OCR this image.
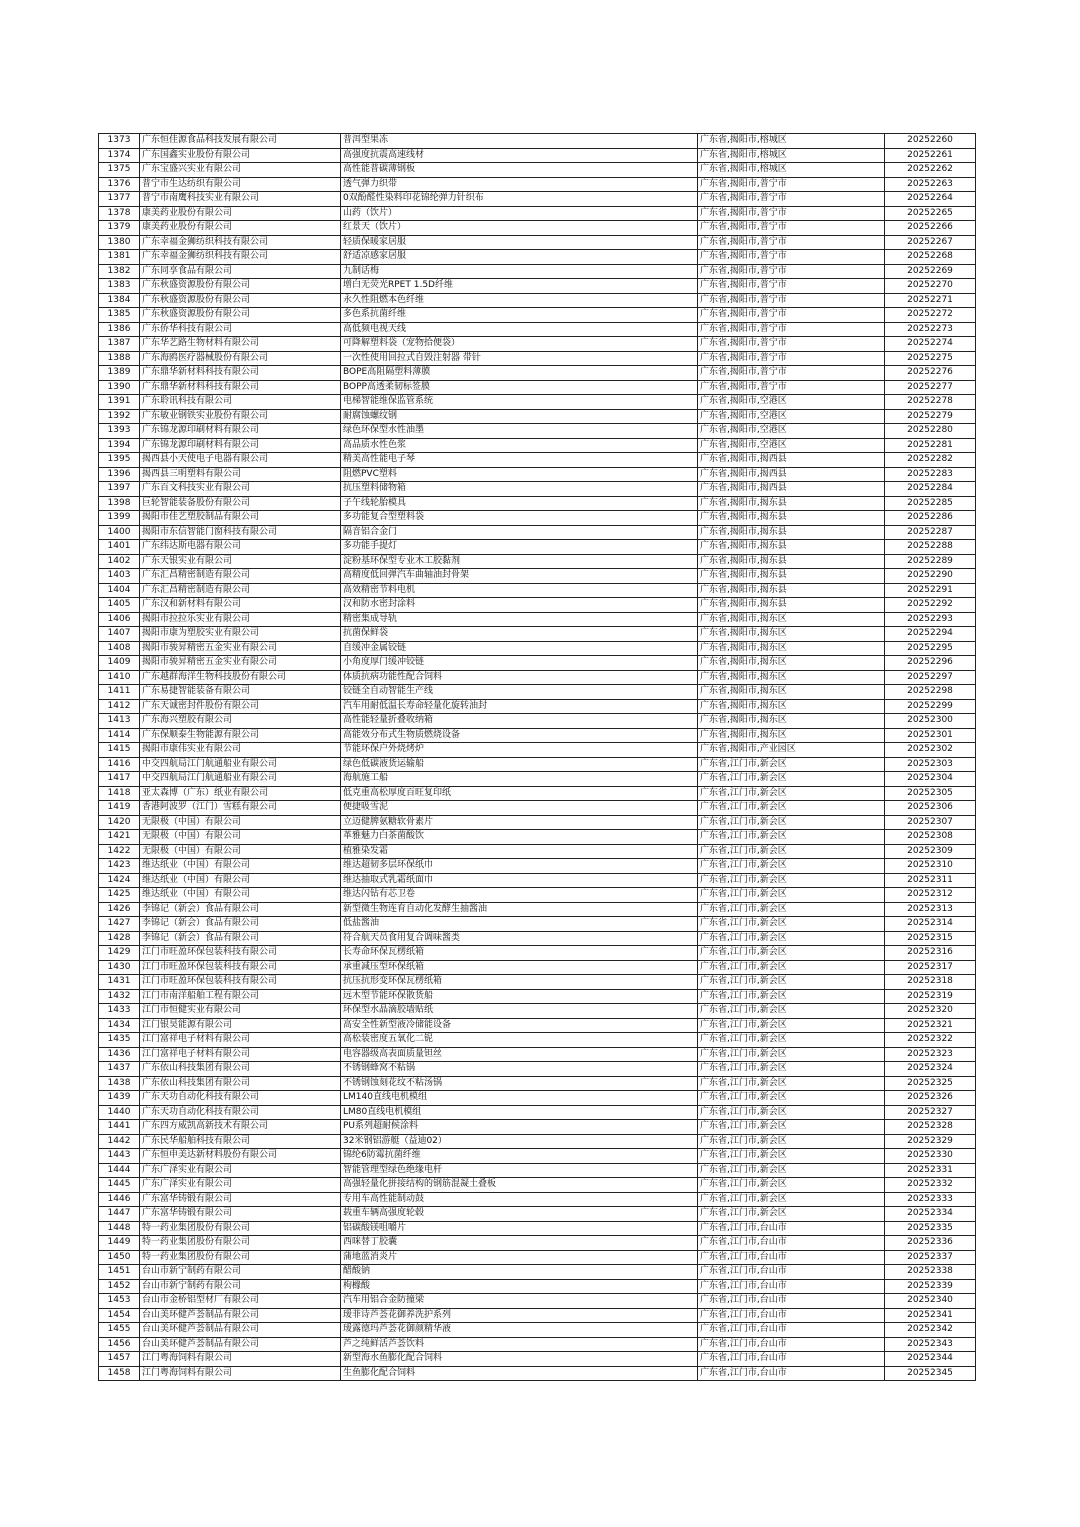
1373	广东恒佳源食品科技发展有限公司	普洱型果冻	广东省,揭阳市,榕城区	20252260
1374	广东国鑫实业股份有限公司	高强度抗震高速线材	广东省,揭阳市,榕城区	20252261
1375	广东宝盛兴实业有限公司	高性能普碳薄钢板	广东省,揭阳市,榕城区	20252262
1376	普宁市生达纺织有限公司	透气弹力织带	广东省,揭阳市,普宁市	20252263
1377	普宁市南鹰科技实业有限公司	0双酚醛性染料印花锦纶弹力针织布	广东省,揭阳市,普宁市	20252264
1378	康美药业股份有限公司	山药（饮片）	广东省,揭阳市,普宁市	20252265
1379	康美药业股份有限公司	红景天（饮片）	广东省,揭阳市,普宁市	20252266
1380	广东幸福金狮纺织科技有限公司	轻质保暖家居服	广东省,揭阳市,普宁市	20252267
1381	广东幸福金狮纺织科技有限公司	舒适凉感家居服	广东省,揭阳市,普宁市	20252268
1382	广东同享食品有限公司	九制话梅	广东省,揭阳市,普宁市	20252269
1383	广东秋盛资源股份有限公司	增白无荧光RPET 1.5D纤维	广东省,揭阳市,普宁市	20252270
1384	广东秋盛资源股份有限公司	永久性阻燃本色纤维	广东省,揭阳市,普宁市	20252271
1385	广东秋盛资源股份有限公司	多色系抗菌纤维	广东省,揭阳市,普宁市	20252272
1386	广东侨华科技有限公司	高低频电视天线	广东省,揭阳市,普宁市	20252273
1387	广东华艺路生物材料有限公司	可降解塑料袋（宠物拾便袋）	广东省,揭阳市,普宁市	20252274
1388	广东海鸥医疗器械股份有限公司	一次性使用回拉式自毁注射器 带针	广东省,揭阳市,普宁市	20252275
1389	广东鼎华新材料科技有限公司	BOPE高阻隔塑料薄膜	广东省,揭阳市,普宁市	20252276
1390	广东鼎华新材料科技有限公司	BOPP高透柔韧标签膜	广东省,揭阳市,普宁市	20252277
1391	广东聆讯科技有限公司	电梯智能维保监管系统	广东省,揭阳市,空港区	20252278
1392	广东敏业钢铁实业股份有限公司	耐腐蚀螺纹钢	广东省,揭阳市,空港区	20252279
1393	广东锦龙源印刷材料有限公司	绿色环保型水性油墨	广东省,揭阳市,空港区	20252280
1394	广东锦龙源印刷材料有限公司	高品质水性色浆	广东省,揭阳市,空港区	20252281
1395	揭西县小天使电子电器有限公司	精美高性能电子琴	广东省,揭阳市,揭西县	20252282
1396	揭西县三明塑料有限公司	阻燃PVC塑料	广东省,揭阳市,揭西县	20252283
1397	广东百文科技实业有限公司	抗压塑料储物箱	广东省,揭阳市,揭西县	20252284
1398	巨轮智能装备股份有限公司	子午线轮胎模具	广东省,揭阳市,揭东县	20252285
1399	揭阳市佳艺塑胶制品有限公司	多功能复合型塑料袋	广东省,揭阳市,揭东县	20252286
1400	揭阳市东信智能门窗科技有限公司	隔音铝合金门	广东省,揭阳市,揭东县	20252287
1401	广东纬达斯电器有限公司	多功能手提灯	广东省,揭阳市,揭东县	20252288
1402	广东天银实业有限公司	淀粉基环保型专业木工胶黏剂	广东省,揭阳市,揭东县	20252289
1403	广东汇昌精密制造有限公司	高精度低回弹汽车曲轴油封骨架	广东省,揭阳市,揭东县	20252290
1404	广东汇昌精密制造有限公司	高效精密节料电机	广东省,揭阳市,揭东县	20252291
1405	广东汉和新材料有限公司	汉和防水密封涂料	广东省,揭阳市,揭东县	20252292
1406	揭阳市拉拉乐实业有限公司	精密集成导轨	广东省,揭阳市,揭东区	20252293
1407	揭阳市康为塑胶实业有限公司	抗菌保鲜袋	广东省,揭阳市,揭东区	20252294
1408	揭阳市骏昇精密五金实业有限公司	自缓冲金属铰链	广东省,揭阳市,揭东区	20252295
1409	揭阳市骏昇精密五金实业有限公司	小角度厚门缓冲铰链	广东省,揭阳市,揭东区	20252296
1410	广东越群海洋生物科技股份有限公司	体质抗病功能性配合饲料	广东省,揭阳市,揭东区	20252297
1411	广东易捷智能装备有限公司	铰链全自动智能生产线	广东省,揭阳市,揭东区	20252298
1412	广东天诚密封件股份有限公司	汽车用耐低温长寿命轻量化旋转油封	广东省,揭阳市,揭东区	20252299
1413	广东海兴塑胶有限公司	高性能轻量折叠收纳箱	广东省,揭阳市,揭东区	20252300
1414	广东保顺泰生物能源有限公司	高能效分布式生物质燃烧设备	广东省,揭阳市,揭东区	20252301
1415	揭阳市康伟实业有限公司	节能环保户外烧烤炉	广东省,揭阳市,产业园区	20252302
1416	中交四航局江门航通船业有限公司	绿色低碳液货运输船	广东省,江门市,新会区	20252303
1417	中交四航局江门航通船业有限公司	海航施工船	广东省,江门市,新会区	20252304
1418	亚太森博（广东）纸业有限公司	低克重高松厚度百旺复印纸	广东省,江门市,新会区	20252305
1419	香港阿波罗（江门）雪糕有限公司	便捷吸雪泥	广东省,江门市,新会区	20252306
1420	无限极（中国）有限公司	立迈健脾氨糖软骨素片	广东省,江门市,新会区	20252307
1421	无限极（中国）有限公司	革雅魅力白茶菌酸饮	广东省,江门市,新会区	20252308
1422	无限极（中国）有限公司	植雅染发霜	广东省,江门市,新会区	20252309
1423	维达纸业（中国）有限公司	维达超韧多层环保纸巾	广东省,江门市,新会区	20252310
1424	维达纸业（中国）有限公司	维达抽取式乳霜纸面巾	广东省,江门市,新会区	20252311
1425	维达纸业（中国）有限公司	维达闪钻有芯卫卷	广东省,江门市,新会区	20252312
1426	李锦记（新会）食品有限公司	新型微生物连育自动化发酵生抽酱油	广东省,江门市,新会区	20252313
1427	李锦记（新会）食品有限公司	低盐酱油	广东省,江门市,新会区	20252314
1428	李锦记（新会）食品有限公司	符合航天员食用复合调味酱类	广东省,江门市,新会区	20252315
1429	江门市旺盈环保包装科技有限公司	长寿命环保瓦楞纸箱	广东省,江门市,新会区	20252316
1430	江门市旺盈环保包装科技有限公司	承重减压型环保纸箱	广东省,江门市,新会区	20252317
1431	江门市旺盈环保包装科技有限公司	抗压抗形变环保瓦楞纸箱	广东省,江门市,新会区	20252318
1432	江门市南洋船舶工程有限公司	远木型节能环保散货船	广东省,江门市,新会区	20252319
1433	江门市恒健实业有限公司	环保型水晶滴胶墙贴纸	广东省,江门市,新会区	20252320
1434	江门银昊能源有限公司	高安全性新型液冷储能设备	广东省,江门市,新会区	20252321
1435	江门富祥电子材料有限公司	高松装密度五氧化二铌	广东省,江门市,新会区	20252322
1436	江门富祥电子材料有限公司	电容器级高表面质量钽丝	广东省,江门市,新会区	20252323
1437	广东依山科技集团有限公司	不锈钢蜂窝不粘锅	广东省,江门市,新会区	20252324
1438	广东依山科技集团有限公司	不锈钢蚀刻花纹不粘汤锅	广东省,江门市,新会区	20252325
1439	广东天功自动化科技有限公司	LM140直线电机模组	广东省,江门市,新会区	20252326
1440	广东天功自动化科技有限公司	LM80直线电机模组	广东省,江门市,新会区	20252327
1441	广东四方威凯高新技术有限公司	PU系列超耐候涂料	广东省,江门市,新会区	20252328
1442	广东民华船舶科技有限公司	32米钢铝游艇（益迪02）	广东省,江门市,新会区	20252329
1443	广东恒申美达新材料股份有限公司	锦纶6防霉抗菌纤维	广东省,江门市,新会区	20252330
1444	广东广泽实业有限公司	智能管理型绿色绝缘电杆	广东省,江门市,新会区	20252331
1445	广东广泽实业有限公司	高强轻量化拼接结构的钢筋混凝土叠板	广东省,江门市,新会区	20252332
1446	广东富华铸锻有限公司	专用车高性能制动鼓	广东省,江门市,新会区	20252333
1447	广东富华铸锻有限公司	载重车辆高强度轮毂	广东省,江门市,新会区	20252334
1448	特一药业集团股份有限公司	铝碳酸镁咀嚼片	广东省,江门市,台山市	20252335
1449	特一药业集团股份有限公司	西咪替丁胶囊	广东省,江门市,台山市	20252336
1450	特一药业集团股份有限公司	蒲地蓝消炎片	广东省,江门市,台山市	20252337
1451	台山市新宁制药有限公司	醋酸钠	广东省,江门市,台山市	20252338
1452	台山市新宁制药有限公司	枸橼酸	广东省,江门市,台山市	20252339
1453	台山市金桥铝型材厂有限公司	汽车用铝合金防撞梁	广东省,江门市,台山市	20252340
1454	台山美环健芦荟制品有限公司	瑷菲诗芦荟花御养洗护系列	广东省,江门市,台山市	20252341
1455	台山美环健芦荟制品有限公司	瑷露德玛芦荟花御颜精华液	广东省,江门市,台山市	20252342
1456	台山美环健芦荟制品有限公司	芦之纯鲜活芦荟饮料	广东省,江门市,台山市	20252343
1457	江门粤海饲料有限公司	新型海水鱼膨化配合饲料	广东省,江门市,台山市	20252344
1458	江门粤海饲料有限公司	生鱼膨化配合饲料	广东省,江门市,台山市	20252345
